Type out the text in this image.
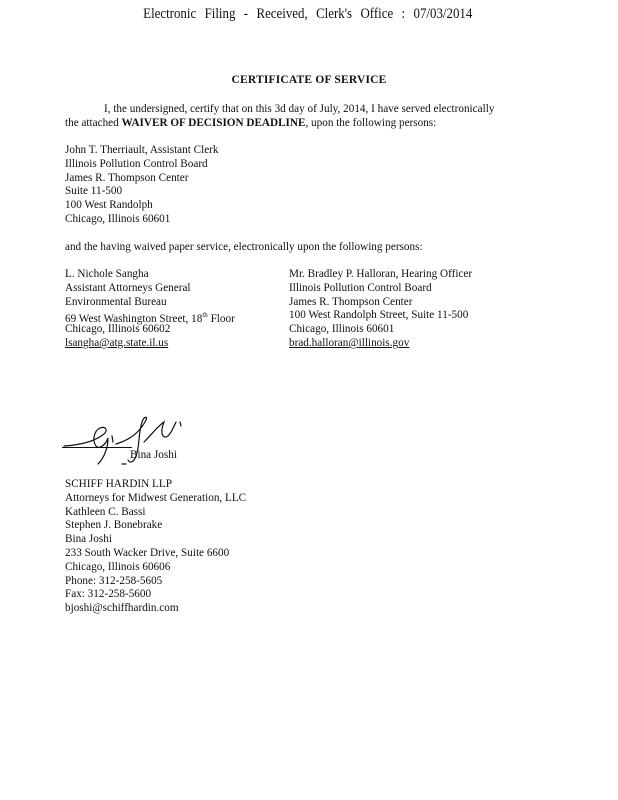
Electronic Filing - Received, Clerk's Office : 07/03/2014
CERTIFICATE OF SERVICE
I, the undersigned, certify that on this 3d day of July, 2014, I have served electronically
the attached WAIVER OF DECISION DEADLINE, upon the following persons:
John T. Therriault, Assistant Clerk
Illinois Pollution Control Board
James R. Thompson Center
Suite 11-500
100 West Randolph
Chicago, Illinois 60601
and the having waived paper service, electronically upon the following persons:
L. Nichole Sangha
Assistant Attorneys General
Environmental Bureau
69 West Washington Street, 18th Floor
Chicago, Illinois 60602
lsangha@atg.state.il.us
Mr. Bradley P. Halloran, Hearing Officer
Illinois Pollution Control Board
James R. Thompson Center
100 West Randolph Street, Suite 11-500
Chicago, Illinois 60601
brad.halloran@illinois.gov
Bina Joshi
SCHIFF HARDIN LLP
Attorneys for Midwest Generation, LLC
Kathleen C. Bassi
Stephen J. Bonebrake
Bina Joshi
233 South Wacker Drive, Suite 6600
Chicago, Illinois 60606
Phone: 312-258-5605
Fax: 312-258-5600
bjoshi@schiffhardin.com
